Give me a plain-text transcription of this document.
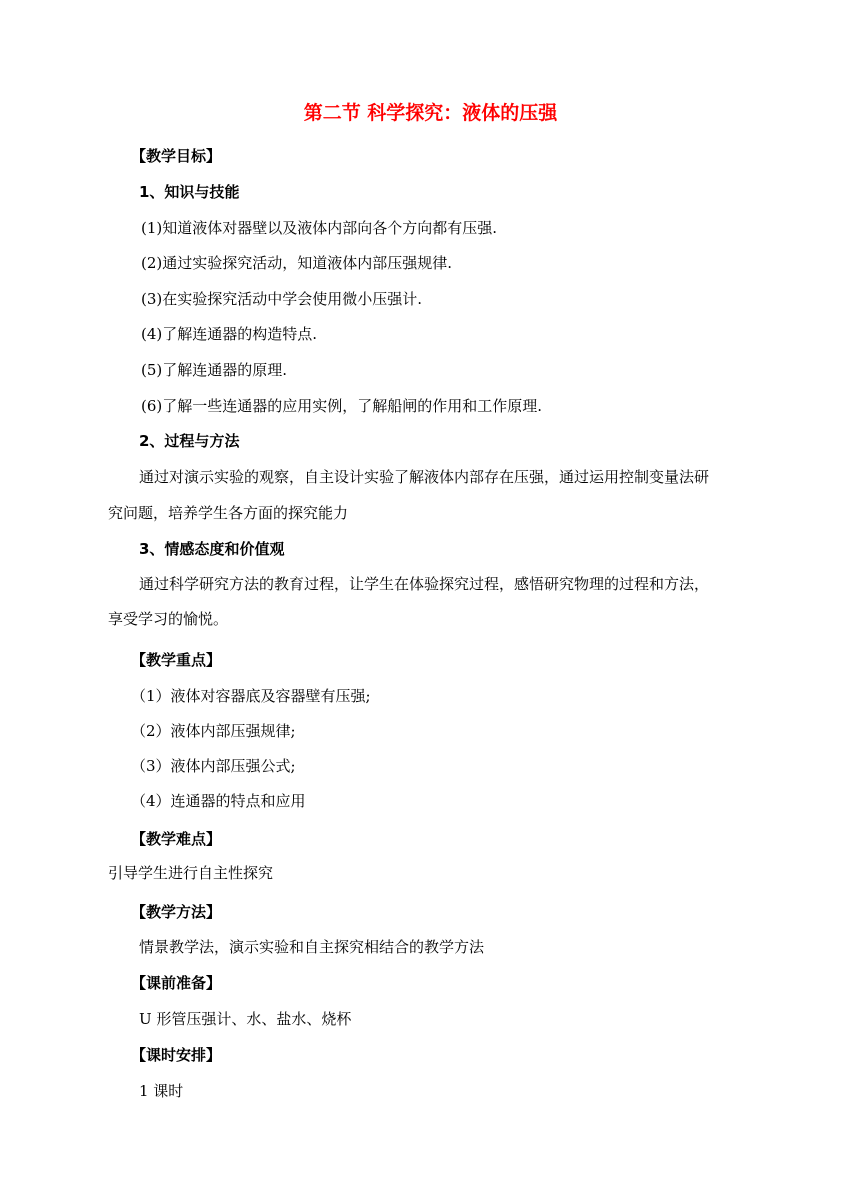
第二节 科学探究：液体的压强
【教学目标】
1、知识与技能
(1)知道液体对器壁以及液体内部向各个方向都有压强.
(2)通过实验探究活动，知道液体内部压强规律.
(3)在实验探究活动中学会使用微小压强计.
(4)了解连通器的构造特点.
(5)了解连通器的原理.
(6)了解一些连通器的应用实例，了解船闸的作用和工作原理.
2、过程与方法
通过对演示实验的观察，自主设计实验了解液体内部存在压强，通过运用控制变量法研
究问题，培养学生各方面的探究能力
3、情感态度和价值观
通过科学研究方法的教育过程，让学生在体验探究过程，感悟研究物理的过程和方法，
享受学习的愉悦。
【教学重点】
（1）液体对容器底及容器壁有压强;
（2）液体内部压强规律;
（3）液体内部压强公式;
（4）连通器的特点和应用
【教学难点】
引导学生进行自主性探究
【教学方法】
情景教学法，演示实验和自主探究相结合的教学方法
【课前准备】
U 形管压强计、水、盐水、烧杯
【课时安排】
1 课时
